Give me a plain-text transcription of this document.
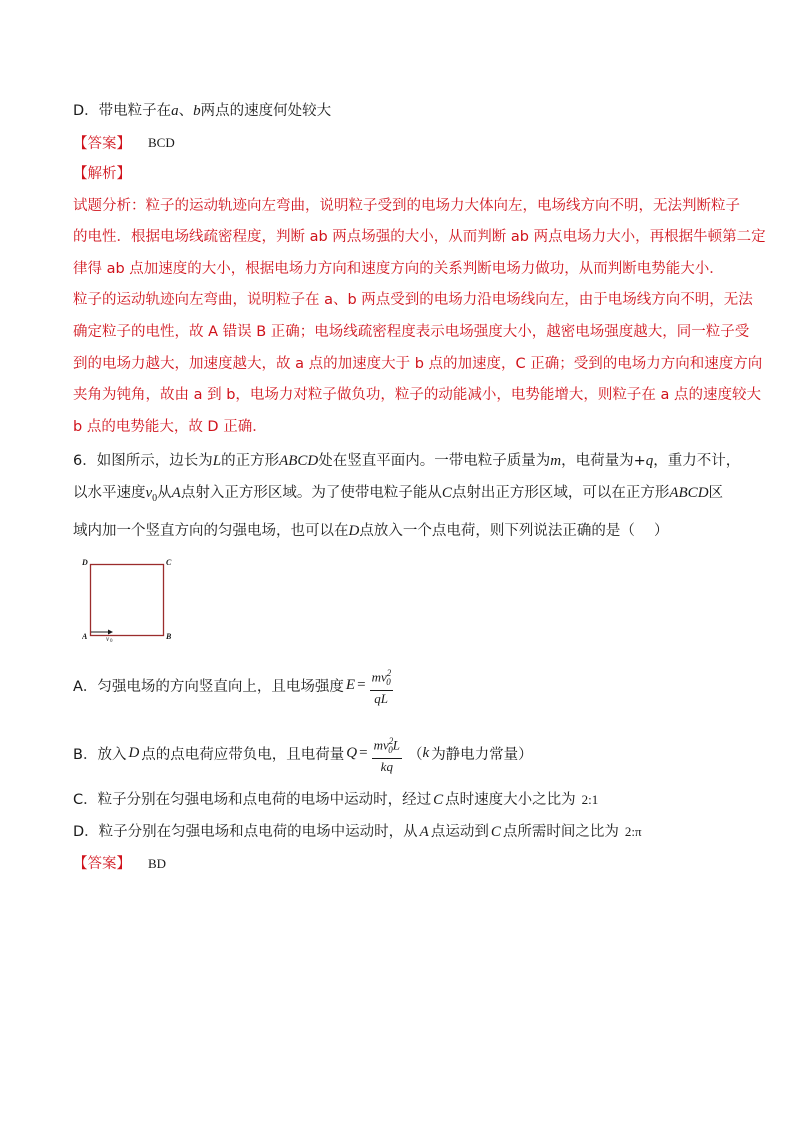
D．带电粒子在a、b两点的速度何处较大
【答案】 BCD
【解析】
试题分析：粒子的运动轨迹向左弯曲，说明粒子受到的电场力大体向左，电场线方向不明，无法判断粒子
的电性．根据电场线疏密程度，判断 ab 两点场强的大小，从而判断 ab 两点电场力大小，再根据牛顿第二定
律得 ab 点加速度的大小，根据电场力方向和速度方向的关系判断电场力做功，从而判断电势能大小．
粒子的运动轨迹向左弯曲，说明粒子在 a、b 两点受到的电场力沿电场线向左，由于电场线方向不明，无法
确定粒子的电性，故 A 错误 B 正确；电场线疏密程度表示电场强度大小，越密电场强度越大，同一粒子受
到的电场力越大，加速度越大，故 a 点的加速度大于 b 点的加速度，C 正确；受到的电场力方向和速度方向
夹角为钝角，故由 a 到 b，电场力对粒子做负功，粒子的动能减小，电势能增大，则粒子在 a 点的速度较大
b 点的电势能大，故 D 正确．
6．如图所示，边长为L的正方形ABCD处在竖直平面内。一带电粒子质量为m，电荷量为+q，重力不计，
以水平速度$v_0$从A点射入正方形区域。为了使带电粒子能从C点射出正方形区域，可以在正方形ABCD区
域内加一个竖直方向的匀强电场，也可以在D点放入一个点电荷，则下列说法正确的是（　 ）
D	C
A	B
v 0
A．匀强电场的方向竖直向上，且电场强度 $E = \frac{mv^2_0}{qL}$
B．放入 D 点的点电荷应带负电，且电荷量 $Q = \frac{mv^2_0L}{kq}$ （ k 为静电力常量）
C．粒子分别在匀强电场和点电荷的电场中运动时，经过 C 点时速度大小之比为 2:1
D．粒子分别在匀强电场和点电荷的电场中运动时，从 A 点运动到 C 点所需时间之比为 2:π
【答案】 BD
